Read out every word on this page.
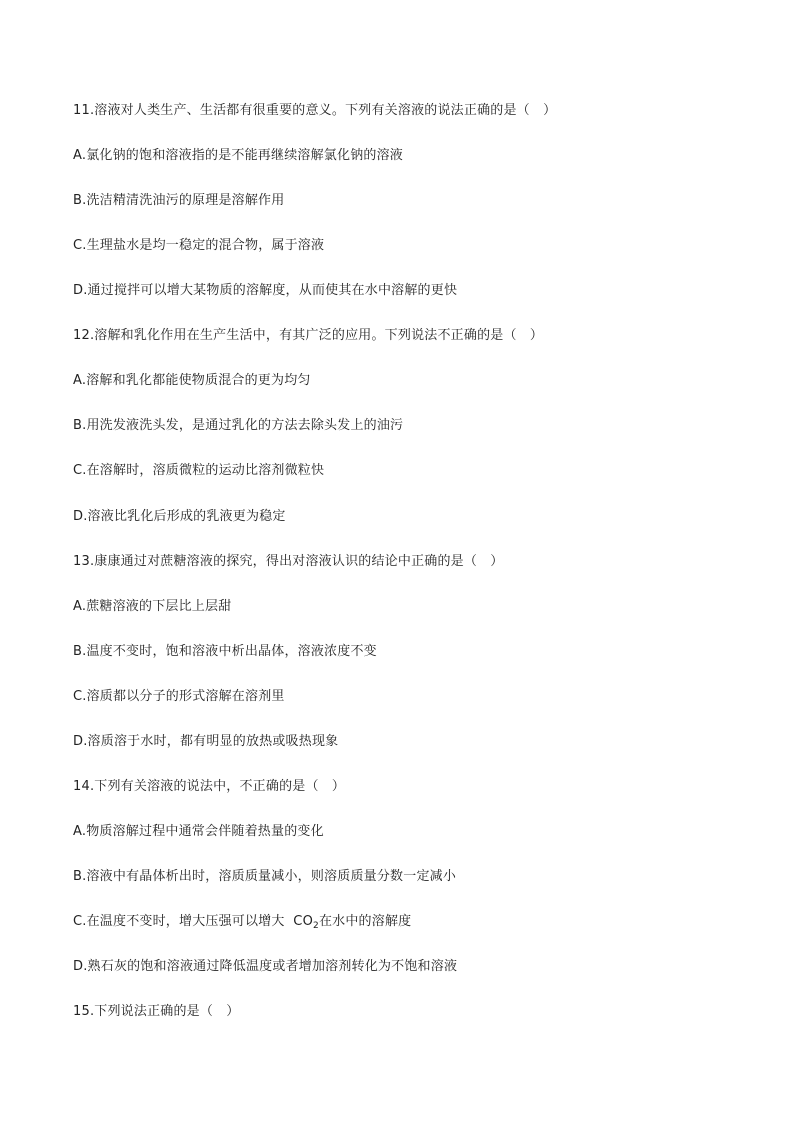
11.溶液对人类生产、生活都有很重要的意义。下列有关溶液的说法正确的是（　）
A.氯化钠的饱和溶液指的是不能再继续溶解氯化钠的溶液
B.洗洁精清洗油污的原理是溶解作用
C.生理盐水是均一稳定的混合物，属于溶液
D.通过搅拌可以增大某物质的溶解度，从而使其在水中溶解的更快
12.溶解和乳化作用在生产生活中，有其广泛的应用。下列说法不正确的是（　）
A.溶解和乳化都能使物质混合的更为均匀
B.用洗发液洗头发，是通过乳化的方法去除头发上的油污
C.在溶解时，溶质微粒的运动比溶剂微粒快
D.溶液比乳化后形成的乳液更为稳定
13.康康通过对蔗糖溶液的探究，得出对溶液认识的结论中正确的是（　）
A.蔗糖溶液的下层比上层甜
B.温度不变时，饱和溶液中析出晶体，溶液浓度不变
C.溶质都以分子的形式溶解在溶剂里
D.溶质溶于水时，都有明显的放热或吸热现象
14.下列有关溶液的说法中，不正确的是（　）
A.物质溶解过程中通常会伴随着热量的变化
B.溶液中有晶体析出时，溶质质量减小，则溶质质量分数一定减小
C.在温度不变时，增大压强可以增大 $CO_2$在水中的溶解度
D.熟石灰的饱和溶液通过降低温度或者增加溶剂转化为不饱和溶液
15.下列说法正确的是（　）
